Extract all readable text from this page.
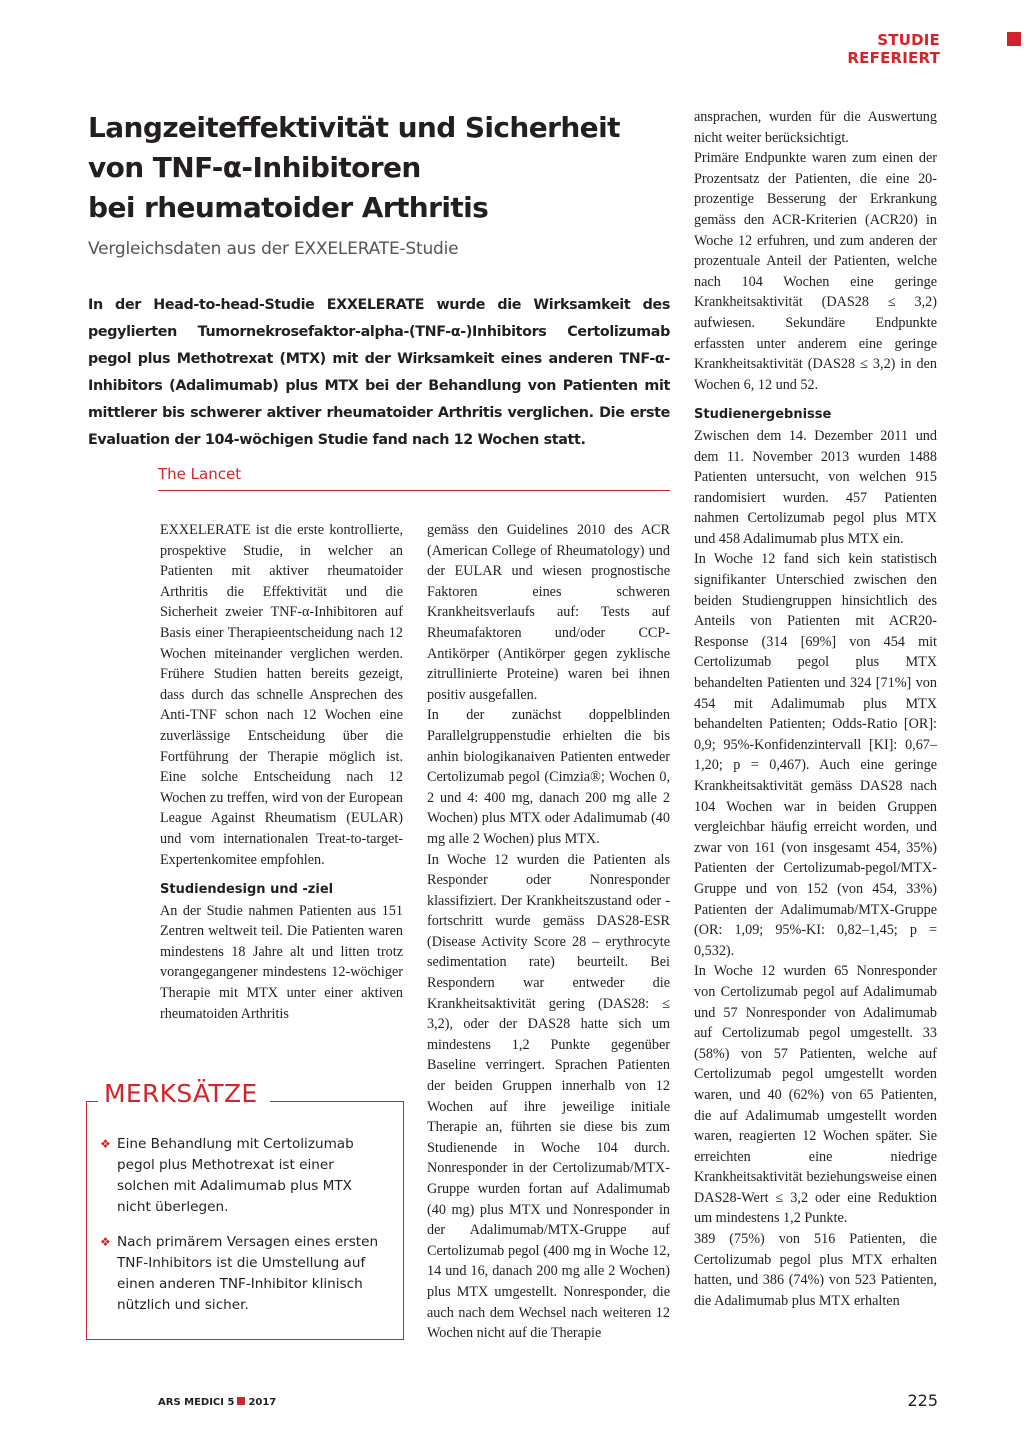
STUDIE REFERIERT
Langzeiteffektivität und Sicherheit
von TNF-α-Inhibitoren
bei rheumatoider Arthritis
Vergleichsdaten aus der EXXELERATE-Studie
In der Head-to-head-Studie EXXELERATE wurde die Wirksamkeit des pegylierten Tumornekrosefaktor-alpha-(TNF-α-)Inhibitors Certolizumab pegol plus Methotrexat (MTX) mit der Wirksamkeit eines anderen TNF-α-Inhibitors (Adalimumab) plus MTX bei der Behandlung von Patienten mit mittlerer bis schwerer aktiver rheumatoider Arthritis verglichen. Die erste Evaluation der 104-wöchigen Studie fand nach 12 Wochen statt.
The Lancet

EXXELERATE ist die erste kontrollierte, prospektive Studie, in welcher an Patienten mit aktiver rheumatoider Arthritis die Effektivität und die Sicherheit zweier TNF-α-Inhibitoren auf Basis einer Therapieentscheidung nach 12 Wochen miteinander verglichen werden. Frühere Studien hatten bereits gezeigt, dass durch das schnelle Ansprechen des Anti-TNF schon nach 12 Wochen eine zuverlässige Entscheidung über die Fortführung der Therapie möglich ist. Eine solche Entscheidung nach 12 Wochen zu treffen, wird von der European League Against Rheumatism (EULAR) und vom internationalen Treat-to-target-Expertenkomitee empfohlen.

Studiendesign und -ziel

An der Studie nahmen Patienten aus 151 Zentren weltweit teil. Die Patienten waren mindestens 18 Jahre alt und litten trotz vorangegangener mindestens 12-wöchiger Therapie mit MTX unter einer aktiven rheumatoiden Arthritis

gemäss den Guidelines 2010 des ACR (American College of Rheumatology) und der EULAR und wiesen prognostische Faktoren eines schweren Krankheitsverlaufs auf: Tests auf Rheumafaktoren und/oder CCP-Antikörper (Antikörper gegen zyklische zitrullinierte Proteine) waren bei ihnen positiv ausgefallen.

In der zunächst doppelblinden Parallelgruppenstudie erhielten die bis anhin biologikanaiven Patienten entweder Certolizumab pegol (Cimzia®; Wochen 0, 2 und 4: 400 mg, danach 200 mg alle 2 Wochen) plus MTX oder Adalimumab (40 mg alle 2 Wochen) plus MTX.

In Woche 12 wurden die Patienten als Responder oder Nonresponder klassifiziert. Der Krankheitszustand oder -fortschritt wurde gemäss DAS28-ESR (Disease Activity Score 28 – erythrocyte sedimentation rate) beurteilt. Bei Respondern war entweder die Krankheitsaktivität gering (DAS28: ≤ 3,2), oder der DAS28 hatte sich um mindestens 1,2 Punkte gegenüber Baseline verringert. Sprachen Patienten der beiden Gruppen innerhalb von 12 Wochen auf ihre jeweilige initiale Therapie an, führten sie diese bis zum Studienende in Woche 104 durch. Nonresponder in der Certolizumab/MTX-Gruppe wurden fortan auf Adalimumab (40 mg) plus MTX und Nonresponder in der Adalimumab/MTX-Gruppe auf Certolizumab pegol (400 mg in Woche 12, 14 und 16, danach 200 mg alle 2 Wochen) plus MTX umgestellt. Nonresponder, die auch nach dem Wechsel nach weiteren 12 Wochen nicht auf die Therapie

ansprachen, wurden für die Auswertung nicht weiter berücksichtigt.

Primäre Endpunkte waren zum einen der Prozentsatz der Patienten, die eine 20-prozentige Besserung der Erkrankung gemäss den ACR-Kriterien (ACR20) in Woche 12 erfuhren, und zum anderen der prozentuale Anteil der Patienten, welche nach 104 Wochen eine geringe Krankheitsaktivität (DAS28 ≤ 3,2) aufwiesen. Sekundäre Endpunkte erfassten unter anderem eine geringe Krankheitsaktivität (DAS28 ≤ 3,2) in den Wochen 6, 12 und 52.

Studienergebnisse

Zwischen dem 14. Dezember 2011 und dem 11. November 2013 wurden 1488 Patienten untersucht, von welchen 915 randomisiert wurden. 457 Patienten nahmen Certolizumab pegol plus MTX und 458 Adalimumab plus MTX ein.

In Woche 12 fand sich kein statistisch signifikanter Unterschied zwischen den beiden Studiengruppen hinsichtlich des Anteils von Patienten mit ACR20-Response (314 [69%] von 454 mit Certolizumab pegol plus MTX behandelten Patienten und 324 [71%] von 454 mit Adalimumab plus MTX behandelten Patienten; Odds-Ratio [OR]: 0,9; 95%-Konfidenzintervall [KI]: 0,67–1,20; p = 0,467). Auch eine geringe Krankheitsaktivität gemäss DAS28 nach 104 Wochen war in beiden Gruppen vergleichbar häufig erreicht worden, und zwar von 161 (von insgesamt 454, 35%) Patienten der Certolizumab-pegol/MTX-Gruppe und von 152 (von 454, 33%) Patienten der Adalimumab/MTX-Gruppe (OR: 1,09; 95%-KI: 0,82–1,45; p = 0,532).

In Woche 12 wurden 65 Nonresponder von Certolizumab pegol auf Adalimumab und 57 Nonresponder von Adalimumab auf Certolizumab pegol umgestellt. 33 (58%) von 57 Patienten, welche auf Certolizumab pegol umgestellt worden waren, und 40 (62%) von 65 Patienten, die auf Adalimumab umgestellt worden waren, reagierten 12 Wochen später. Sie erreichten eine niedrige Krankheitsaktivität beziehungsweise einen DAS28-Wert ≤ 3,2 oder eine Reduktion um mindestens 1,2 Punkte.

389 (75%) von 516 Patienten, die Certolizumab pegol plus MTX erhalten hatten, und 386 (74%) von 523 Patienten, die Adalimumab plus MTX erhalten

MERKSÄTZE
❖ Eine Behandlung mit Certolizumab pegol plus Methotrexat ist einer solchen mit Adalimumab plus MTX nicht überlegen.
❖ Nach primärem Versagen eines ersten TNF-Inhibitors ist die Umstellung auf einen anderen TNF-Inhibitor klinisch nützlich und sicher.
ARS MEDICI 5 2017	225
